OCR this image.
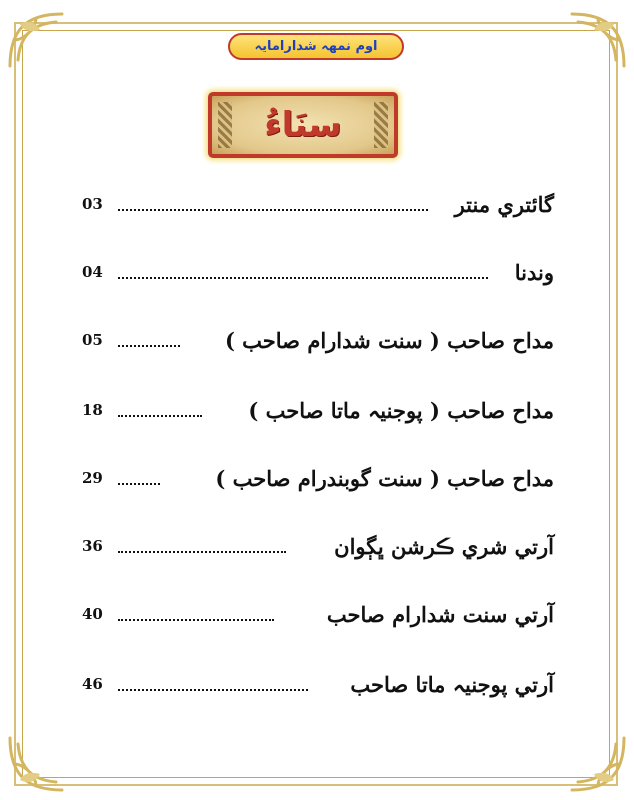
اوم نمهہ شدارامايہ
سنَاءُ
03	گائتري منتر
04	وندنا
05	مداح صاحب ( سنت شدارام صاحب )
18	مداح صاحب ( پوجنيہ ماتا صاحب )
29	مداح صاحب ( سنت گوبندرام صاحب )
36	آرتي شري ڪرشن ڀڳوان
40	آرتي سنت شدارام صاحب
46	آرتي پوجنيہ ماتا صاحب
